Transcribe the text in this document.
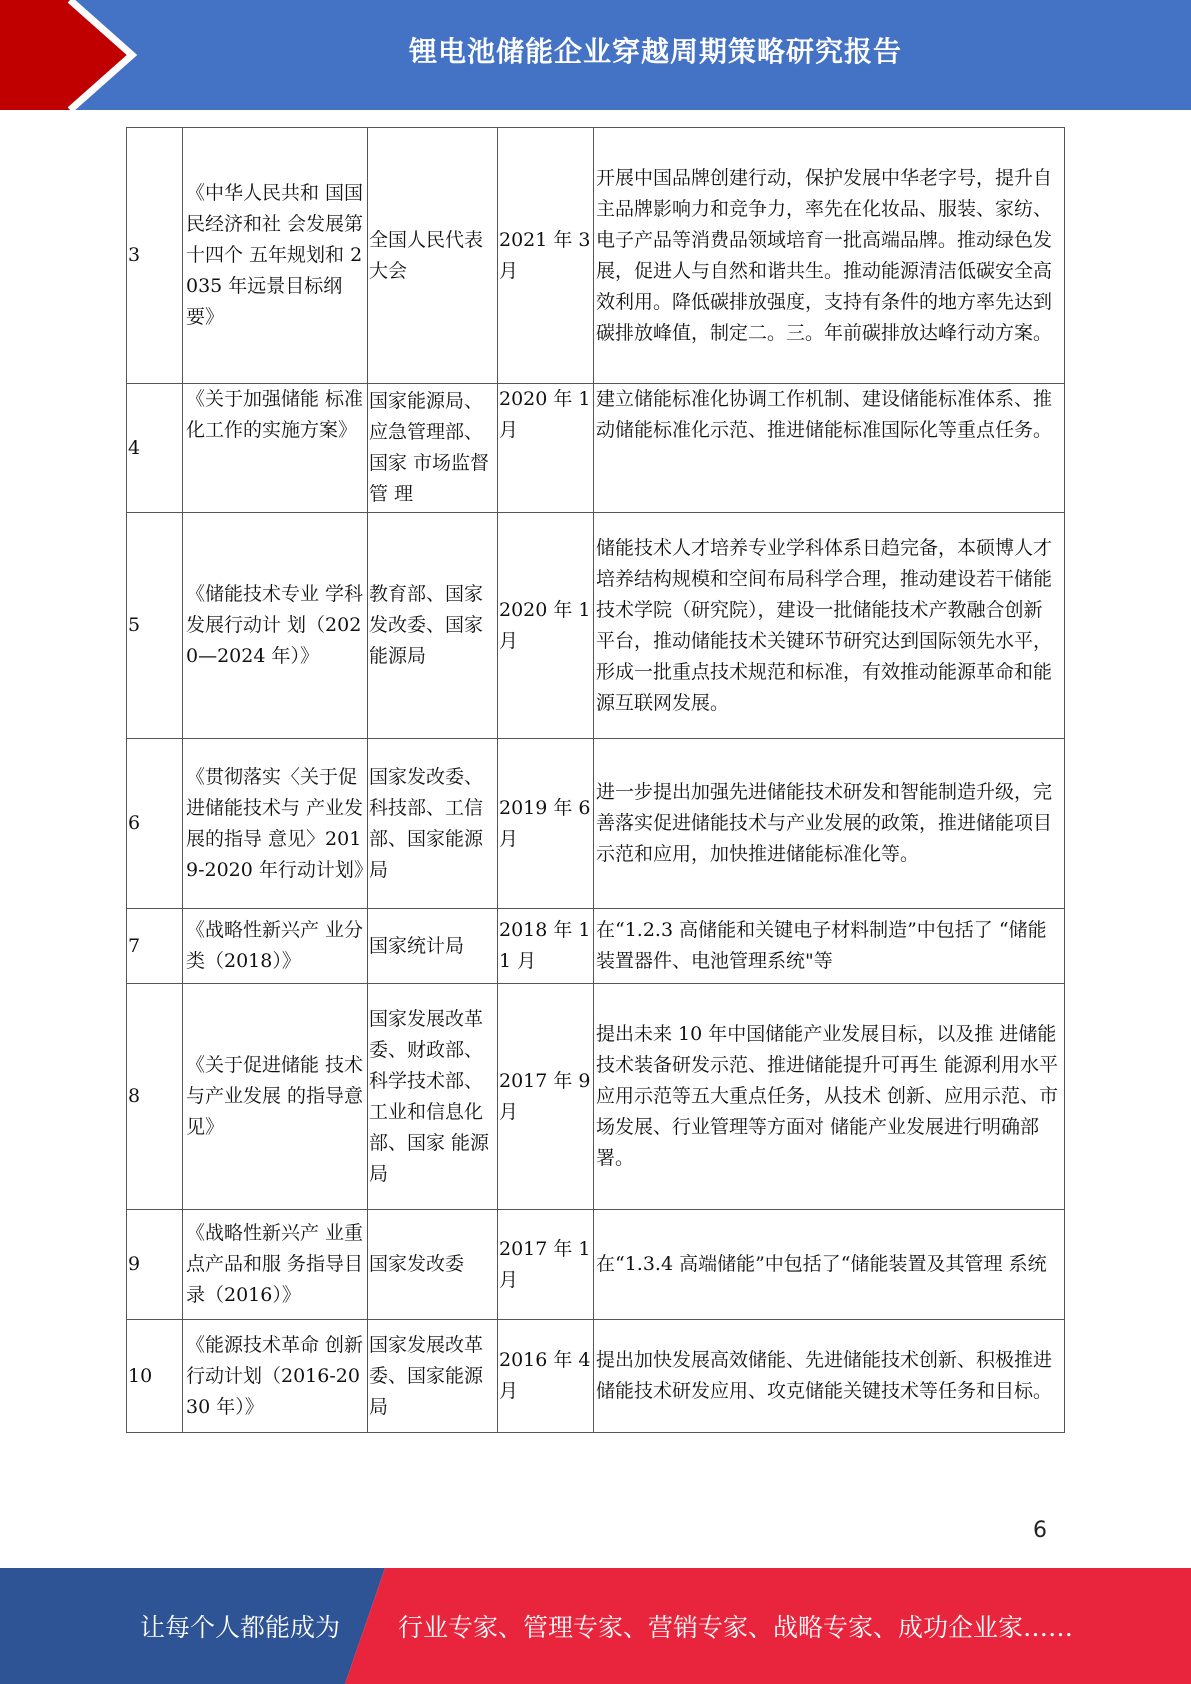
锂电池储能企业穿越周期策略研究报告
3	《中华人民共和 国国民经济和社 会发展第十四个 五年规划和 2035 年远景目标纲 要》	全国人民代表大会	2021 年 3 月	开展中国品牌创建行动，保护发展中华老字号，提升自主品牌影响力和竞争力，率先在化妆品、服装、家纺、电子产品等消费品领域培育一批高端品牌。推动绿色发展，促进人与自然和谐共生。推动能源清洁低碳安全高效利用。降低碳排放强度，支持有条件的地方率先达到碳排放峰值，制定二。三。年前碳排放达峰行动方案。
4	《关于加强储能 标准化工作的实施方案》	国家能源局、应急管理部、国家 市场监督管 理	2020 年 1 月	建立储能标准化协调工作机制、建设储能标准体系、推动储能标准化示范、推进储能标准国际化等重点任务。
5	《储能技术专业 学科发展行动计 划（2020—2024 年）》	教育部、国家发改委、国家能源局	2020 年 1 月	储能技术人才培养专业学科体系日趋完备，本硕博人才培养结构规模和空间布局科学合理，推动建设若干储能技术学院（研究院），建设一批储能技术产教融合创新平台，推动储能技术关键环节研究达到国际领先水平，形成一批重点技术规范和标准，有效推动能源革命和能源互联网发展。
6	《贯彻落实〈关于促进储能技术与 产业发展的指导 意见〉2019-2020 年行动计划》	国家发改委、科技部、工信部、国家能源局	2019 年 6 月	进一步提出加强先进储能技术研发和智能制造升级，完善落实促进储能技术与产业发展的政策，推进储能项目示范和应用，加快推进储能标准化等。
7	《战略性新兴产 业分类（2018）》	国家统计局	2018 年 11 月	在“1.2.3 高储能和关键电子材料制造”中包括了 “储能装置器件、电池管理系统"等
8	《关于促进储能 技术与产业发展 的指导意见》	国家发展改革委、财政部、科学技术部、工业和信息化部、国家 能源局	2017 年 9 月	提出未来 10 年中国储能产业发展目标，以及推 进储能技术装备研发示范、推进储能提升可再生 能源利用水平应用示范等五大重点任务，从技术 创新、应用示范、市场发展、行业管理等方面对 储能产业发展进行明确部署。
9	《战略性新兴产 业重点产品和服 务指导目录（2016）》	国家发改委	2017 年 1 月	在“1.3.4 高端储能”中包括了“储能装置及其管理 系统
10	《能源技术革命 创新行动计划（2016-2030 年）》	国家发展改革委、国家能源局	2016 年 4 月	提出加快发展高效储能、先进储能技术创新、积极推进储能技术研发应用、攻克储能关键技术等任务和目标。
6
让每个人都能成为 行业专家、管理专家、营销专家、战略专家、成功企业家……
